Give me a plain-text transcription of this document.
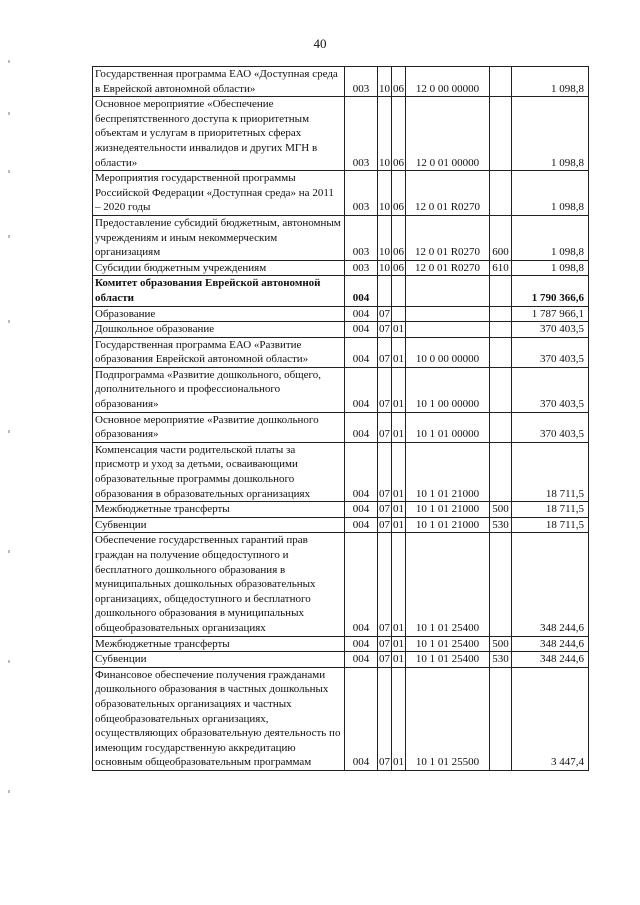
40
Государственная программа ЕАО «Доступная среда в Еврейской автономной области»	003	10	06	12 0 00 00000		1 098,8
Основное мероприятие «Обеспечение беспрепятственного доступа к приоритетным объектам и услугам в приоритетных сферах жизнедеятельности инвалидов и других МГН в области»	003	10	06	12 0 01 00000		1 098,8
Мероприятия государственной программы Российской Федерации «Доступная среда» на 2011 – 2020 годы	003	10	06	12 0 01 R0270		1 098,8
Предоставление субсидий бюджетным, автономным учреждениям и иным некоммерческим организациям	003	10	06	12 0 01 R0270	600	1 098,8
Субсидии бюджетным учреждениям	003	10	06	12 0 01 R0270	610	1 098,8
Комитет образования Еврейской автономной области	004					1 790 366,6
Образование	004	07				1 787 966,1
Дошкольное образование	004	07	01			370 403,5
Государственная программа ЕАО «Развитие образования Еврейской автономной области»	004	07	01	10 0 00 00000		370 403,5
Подпрограмма «Развитие дошкольного, общего, дополнительного и профессионального образования»	004	07	01	10 1 00 00000		370 403,5
Основное мероприятие «Развитие дошкольного образования»	004	07	01	10 1 01 00000		370 403,5
Компенсация части родительской платы за присмотр и уход за детьми, осваивающими образовательные программы дошкольного образования в образовательных организациях	004	07	01	10 1 01 21000		18 711,5
Межбюджетные трансферты	004	07	01	10 1 01 21000	500	18 711,5
Субвенции	004	07	01	10 1 01 21000	530	18 711,5
Обеспечение государственных гарантий прав граждан на получение общедоступного и бесплатного дошкольного образования в муниципальных дошкольных образовательных организациях, общедоступного и бесплатного дошкольного образования в муниципальных общеобразовательных организациях	004	07	01	10 1 01 25400		348 244,6
Межбюджетные трансферты	004	07	01	10 1 01 25400	500	348 244,6
Субвенции	004	07	01	10 1 01 25400	530	348 244,6
Финансовое обеспечение получения гражданами дошкольного образования в частных дошкольных образовательных организациях и частных общеобразовательных организациях, осуществляющих образовательную деятельность по имеющим государственную аккредитацию основным общеобразовательным программам	004	07	01	10 1 01 25500		3 447,4
